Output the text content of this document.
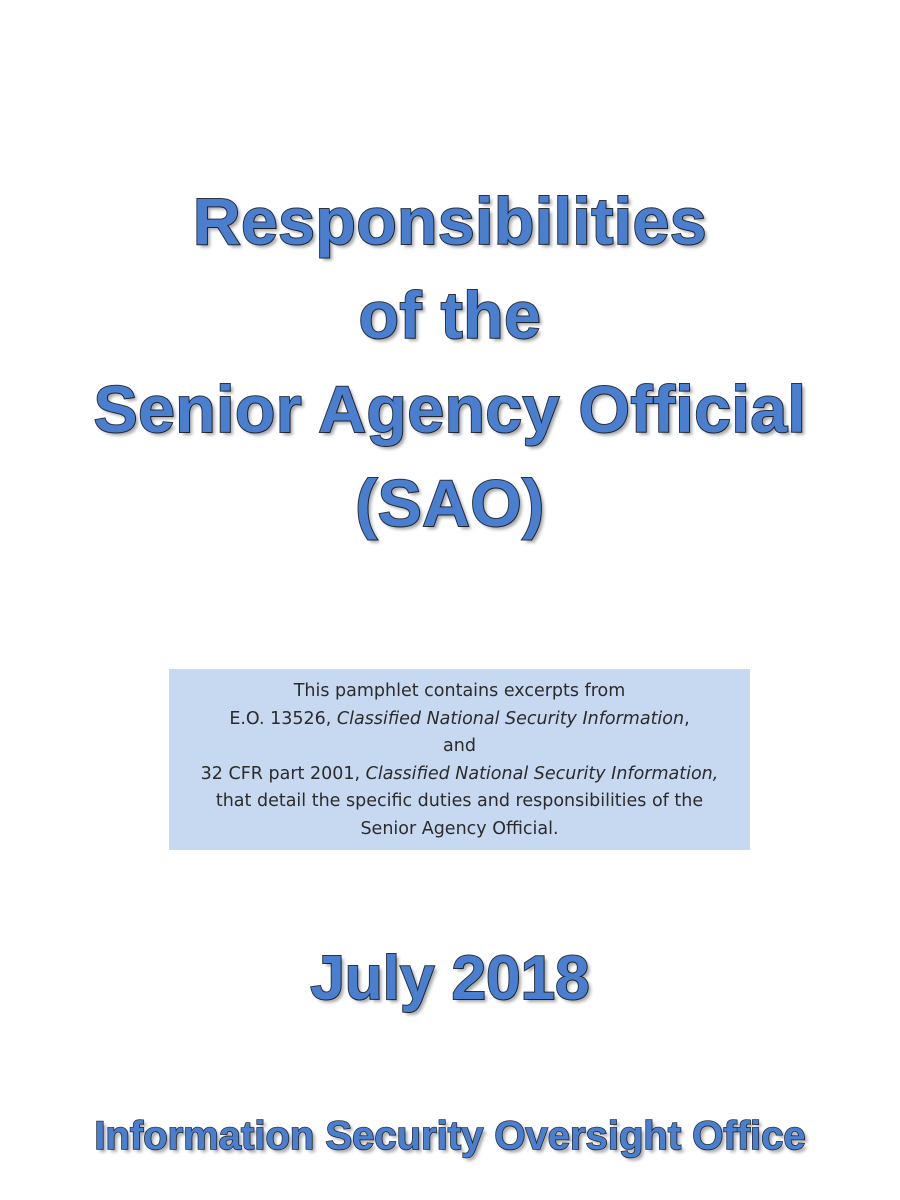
Responsibilities
of the
Senior Agency Official
(SAO)
This pamphlet contains excerpts from
E.O. 13526, Classified National Security Information,
and
32 CFR part 2001, Classified National Security Information,
that detail the specific duties and responsibilities of the
Senior Agency Official.
July 2018
Information Security Oversight Office
